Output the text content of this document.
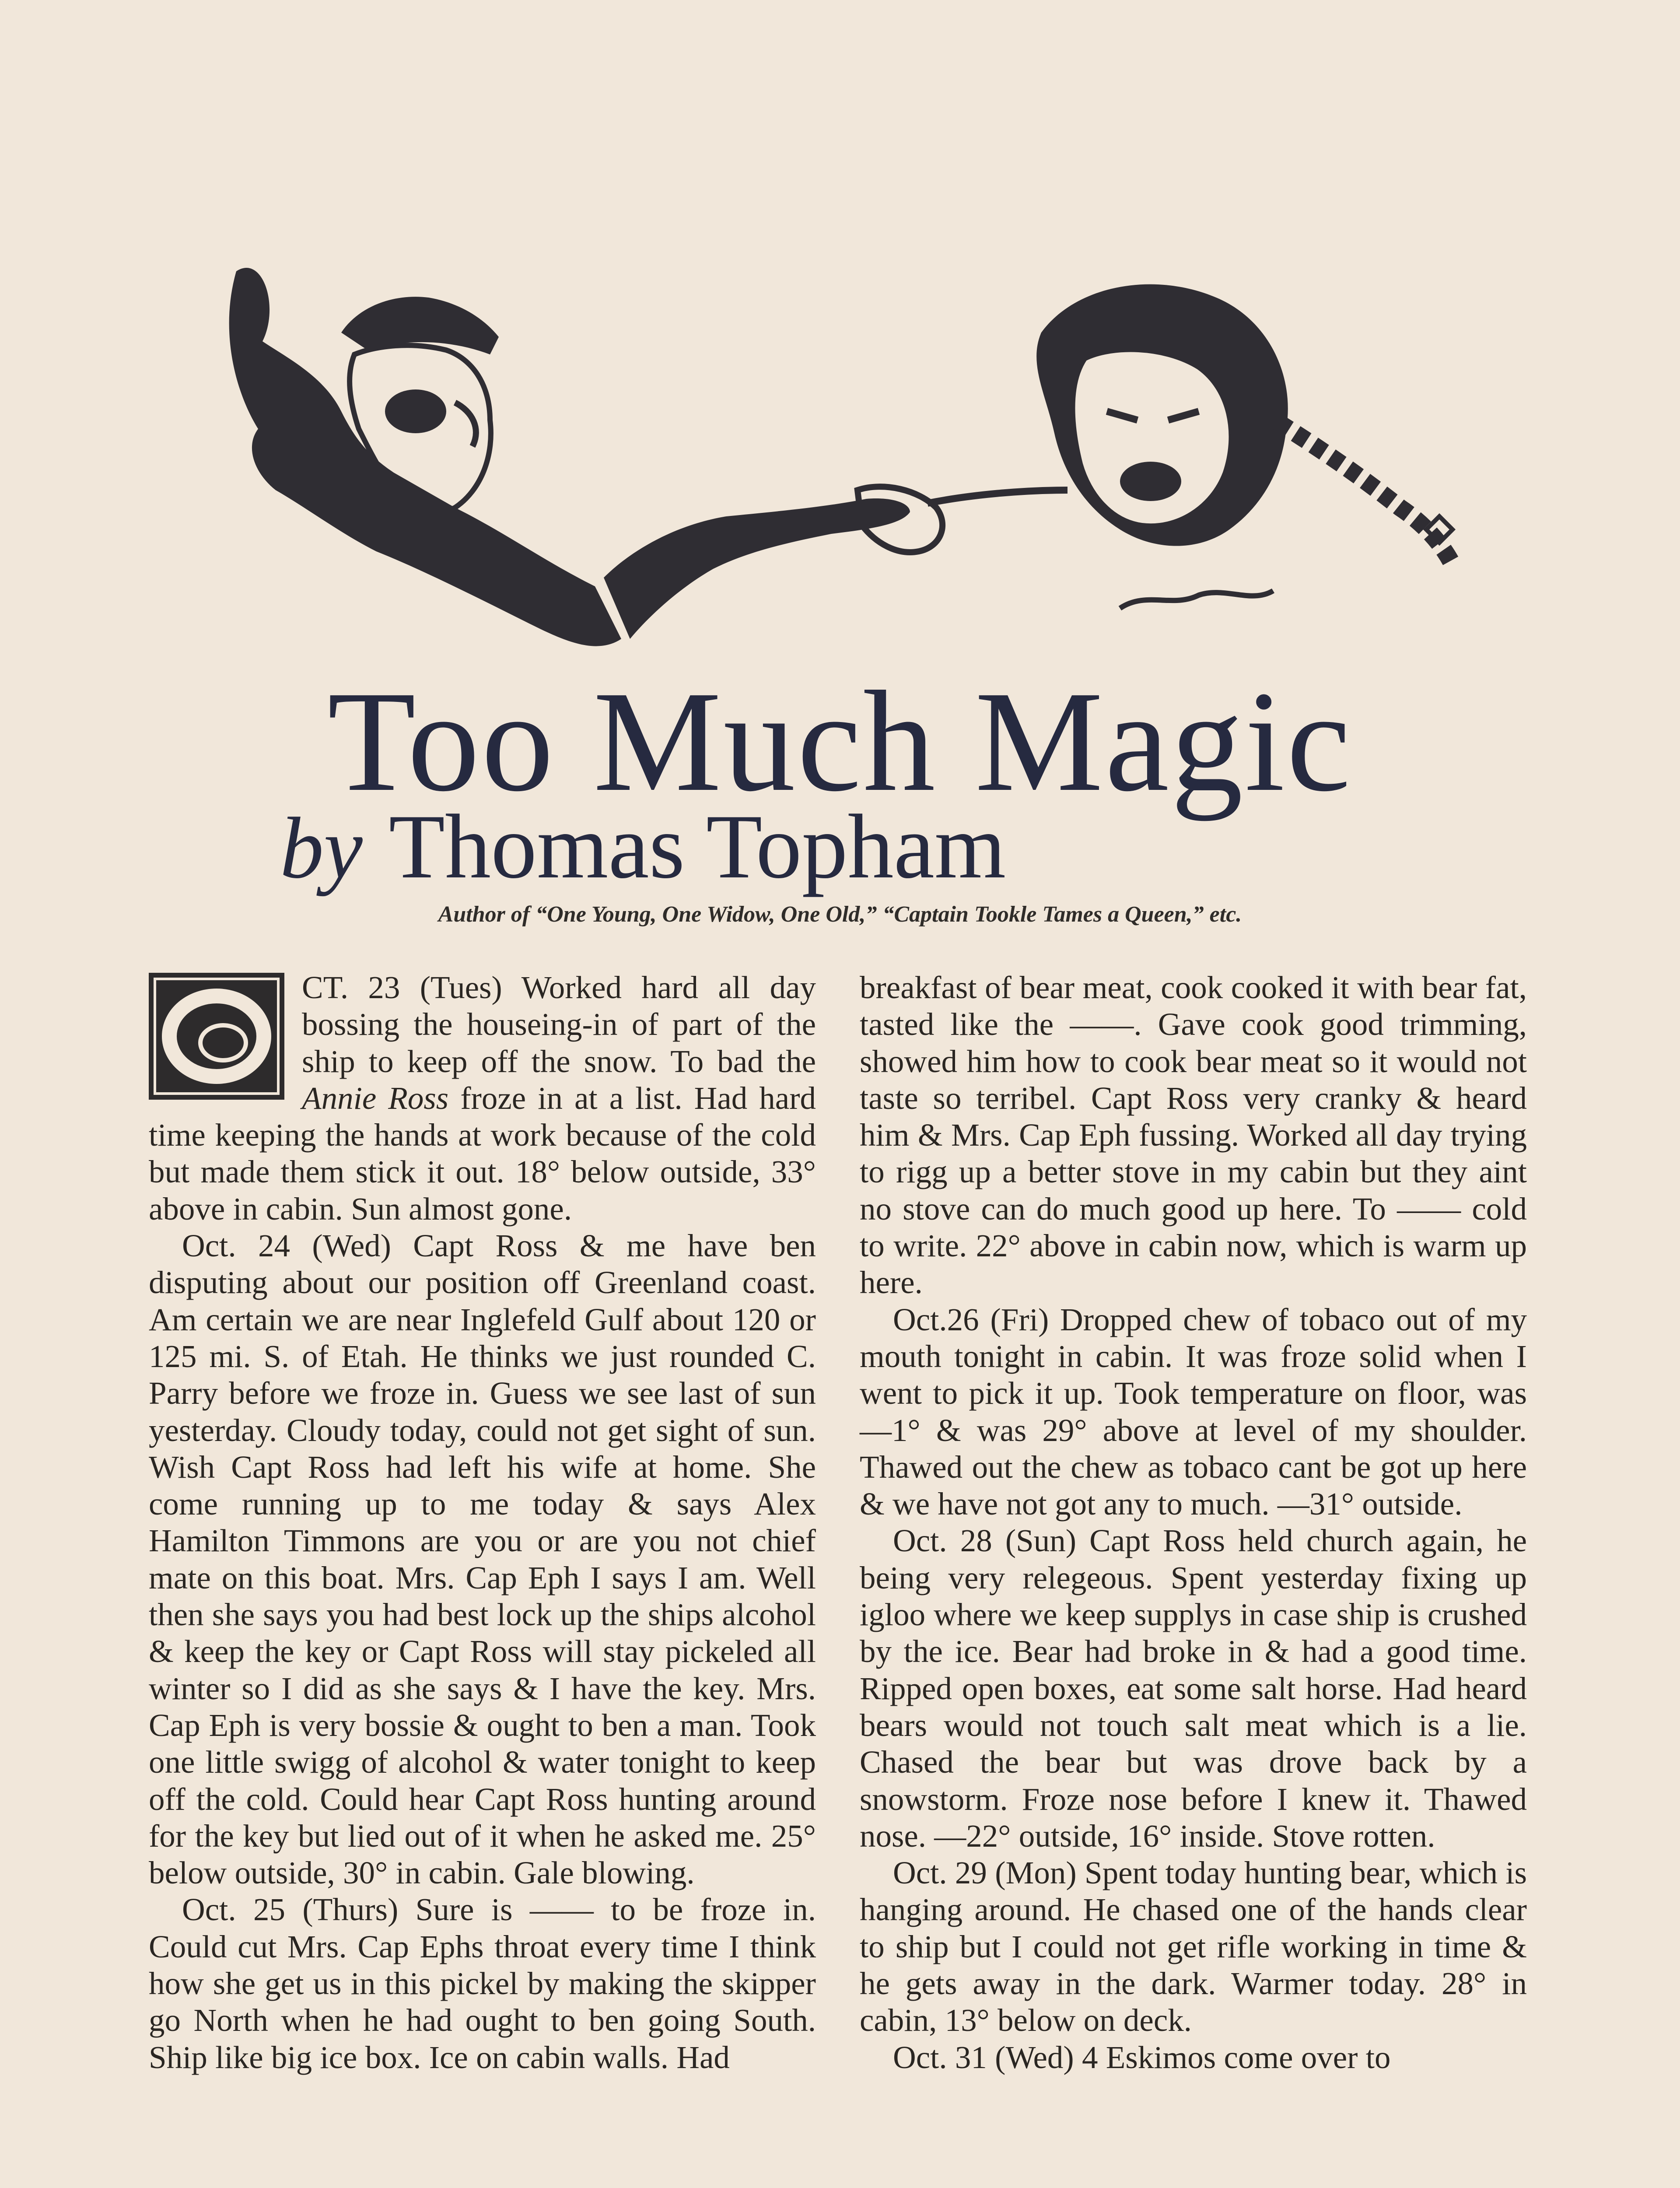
Too Much Magic
by Thomas Topham
Author of “One Young, One Widow, One Old,” “Captain Tookle Tames a Queen,” etc.

CT. 23 (Tues) Worked hard all day bossing the houseing-in of part of the ship to keep off the snow. To bad the Annie Ross froze in at a list. Had hard time keeping the hands at work because of the cold but made them stick it out. 18° below outside, 33° above in cabin. Sun almost gone.

Oct. 24 (Wed) Capt Ross & me have ben disputing about our position off Greenland coast. Am certain we are near Inglefeld Gulf about 120 or 125 mi. S. of Etah. He thinks we just rounded C. Parry before we froze in. Guess we see last of sun yesterday. Cloudy today, could not get sight of sun. Wish Capt Ross had left his wife at home. She come running up to me today & says Alex Hamilton Timmons are you or are you not chief mate on this boat. Mrs. Cap Eph I says I am. Well then she says you had best lock up the ships alcohol & keep the key or Capt Ross will stay pickeled all winter so I did as she says & I have the key. Mrs. Cap Eph is very bossie & ought to ben a man. Took one little swigg of alcohol & water tonight to keep off the cold. Could hear Capt Ross hunting around for the key but lied out of it when he asked me. 25° below outside, 30° in cabin. Gale blowing.

Oct. 25 (Thurs) Sure is —— to be froze in. Could cut Mrs. Cap Ephs throat every time I think how she get us in this pickel by making the skipper go North when he had ought to ben going South. Ship like big ice box. Ice on cabin walls. Had

breakfast of bear meat, cook cooked it with bear fat, tasted like the ——. Gave cook good trimming, showed him how to cook bear meat so it would not taste so terribel. Capt Ross very cranky & heard him & Mrs. Cap Eph fussing. Worked all day trying to rigg up a better stove in my cabin but they aint no stove can do much good up here. To —— cold to write. 22° above in cabin now, which is warm up here.

Oct.26 (Fri) Dropped chew of tobaco out of my mouth tonight in cabin. It was froze solid when I went to pick it up. Took temperature on floor, was —1° & was 29° above at level of my shoulder. Thawed out the chew as tobaco cant be got up here & we have not got any to much. —31° outside.

Oct. 28 (Sun) Capt Ross held church again, he being very relegeous. Spent yesterday fixing up igloo where we keep supplys in case ship is crushed by the ice. Bear had broke in & had a good time. Ripped open boxes, eat some salt horse. Had heard bears would not touch salt meat which is a lie. Chased the bear but was drove back by a snowstorm. Froze nose before I knew it. Thawed nose. —22° outside, 16° inside. Stove rotten.

Oct. 29 (Mon) Spent today hunting bear, which is hanging around. He chased one of the hands clear to ship but I could not get rifle working in time & he gets away in the dark. Warmer today. 28° in cabin, 13° below on deck.

Oct. 31 (Wed) 4 Eskimos come over to
